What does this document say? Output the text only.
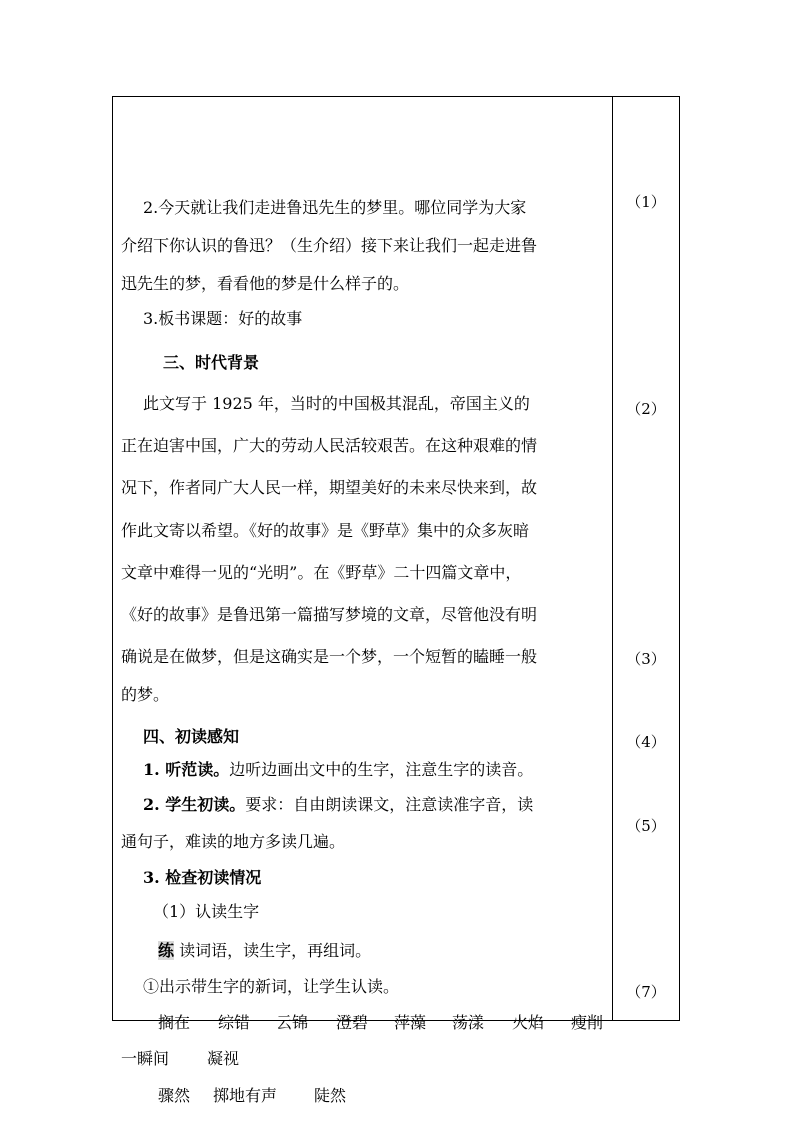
2.今天就让我们走进鲁迅先生的梦里。哪位同学为大家
介绍下你认识的鲁迅？（生介绍）接下来让我们一起走进鲁
迅先生的梦，看看他的梦是什么样子的。
3.板书课题：好的故事
三、时代背景
此文写于 1925 年，当时的中国极其混乱，帝国主义的
正在迫害中国，广大的劳动人民活较艰苦。在这种艰难的情
况下，作者同广大人民一样，期望美好的未来尽快来到，故
作此文寄以希望。《好的故事》是《野草》集中的众多灰暗
文章中难得一见的“光明”。在《野草》二十四篇文章中，
《好的故事》是鲁迅第一篇描写梦境的文章，尽管他没有明
确说是在做梦，但是这确实是一个梦，一个短暂的瞌睡一般
的梦。
四、初读感知
1. 听范读。边听边画出文中的生字，注意生字的读音。
2. 学生初读。要求：自由朗读课文，注意读准字音，读
通句子，难读的地方多读几遍。
3. 检查初读情况
（1）认读生字
练 读词语，读生字，再组词。
①出示带生字的新词，让学生认读。
搁在 综错 云锦 澄碧 萍藻 荡漾 火焰 瘦削
一瞬间 凝视
骤然 掷地有声 陡然
（1）
（2）
（3）
（4）
（5）
（7）
